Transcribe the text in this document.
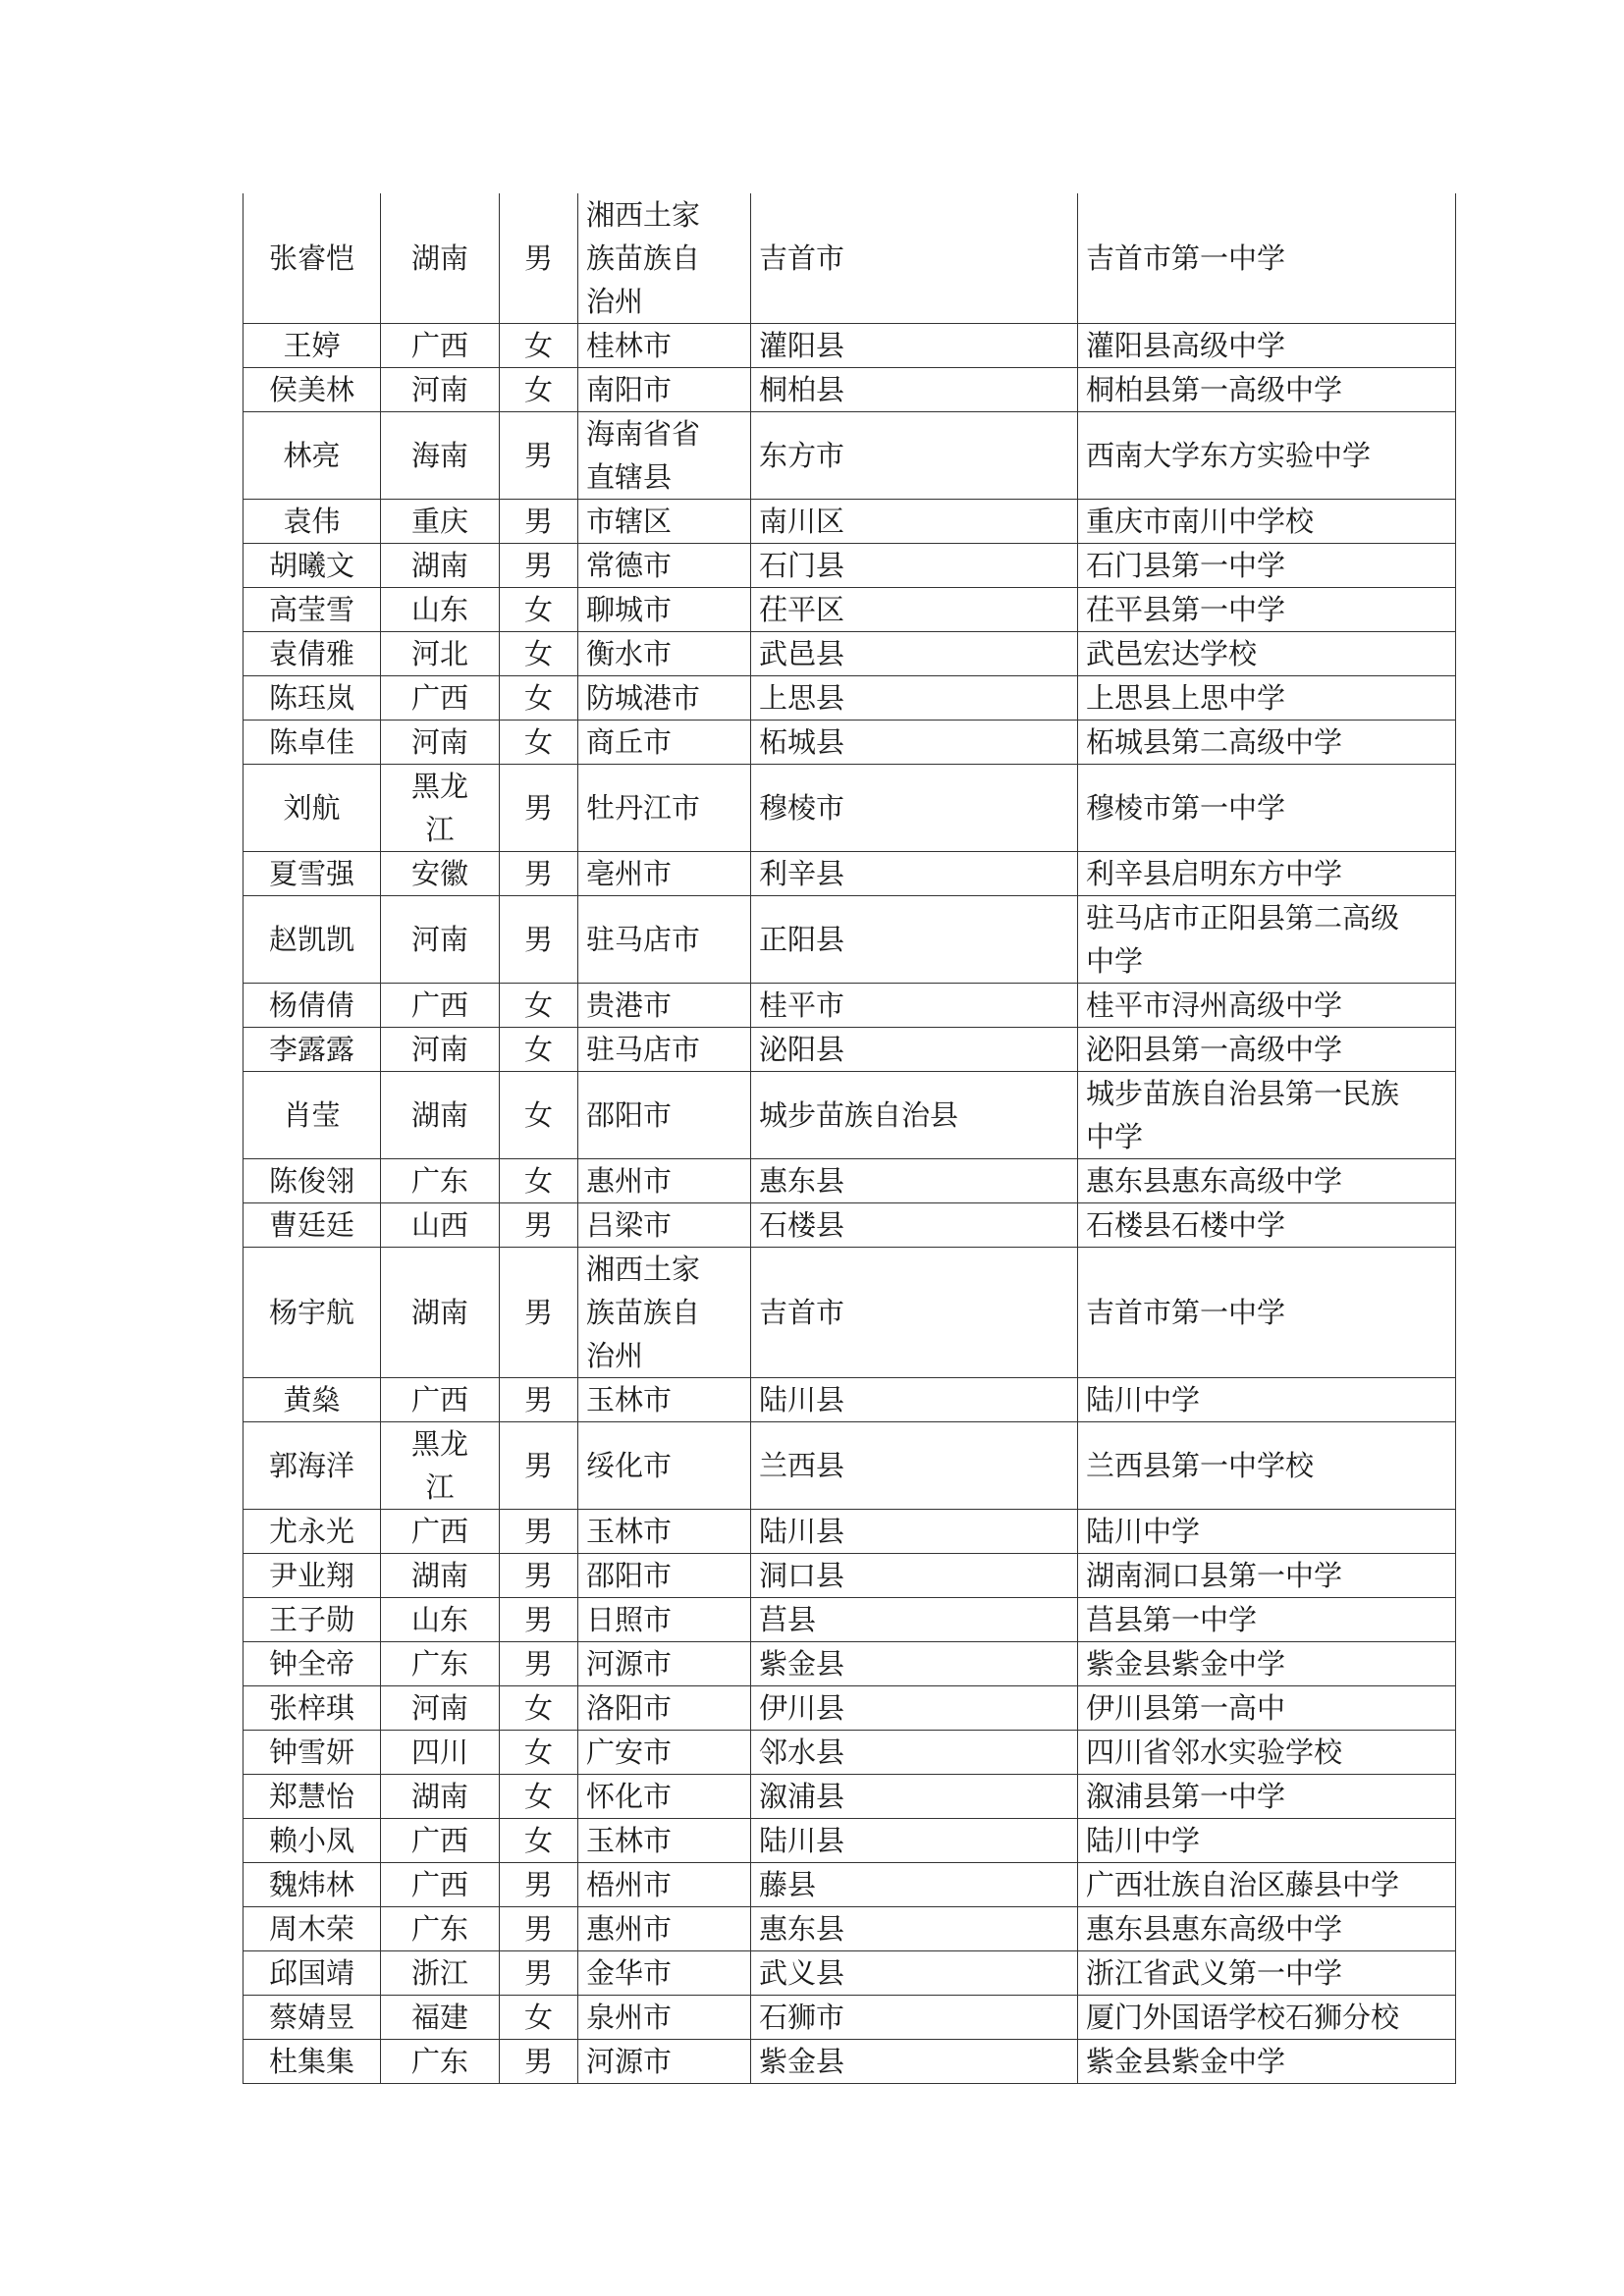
张睿恺	湖南	男	湘西土家
族苗族自
治州	吉首市	吉首市第一中学

王婷	广西	女	桂林市	灌阳县	灌阳县高级中学

侯美林	河南	女	南阳市	桐柏县	桐柏县第一高级中学

林亮	海南	男	海南省省
直辖县	东方市	西南大学东方实验中学

袁伟	重庆	男	市辖区	南川区	重庆市南川中学校

胡曦文	湖南	男	常德市	石门县	石门县第一中学

高莹雪	山东	女	聊城市	茌平区	茌平县第一中学

袁倩雅	河北	女	衡水市	武邑县	武邑宏达学校

陈珏岚	广西	女	防城港市	上思县	上思县上思中学

陈卓佳	河南	女	商丘市	柘城县	柘城县第二高级中学

刘航	黑龙
江	男	牡丹江市	穆棱市	穆棱市第一中学

夏雪强	安徽	男	亳州市	利辛县	利辛县启明东方中学

赵凯凯	河南	男	驻马店市	正阳县	驻马店市正阳县第二高级
中学

杨倩倩	广西	女	贵港市	桂平市	桂平市浔州高级中学

李露露	河南	女	驻马店市	泌阳县	泌阳县第一高级中学

肖莹	湖南	女	邵阳市	城步苗族自治县	城步苗族自治县第一民族
中学

陈俊翎	广东	女	惠州市	惠东县	惠东县惠东高级中学

曹廷廷	山西	男	吕梁市	石楼县	石楼县石楼中学

杨宇航	湖南	男	湘西土家
族苗族自
治州	吉首市	吉首市第一中学

黄燊	广西	男	玉林市	陆川县	陆川中学

郭海洋	黑龙
江	男	绥化市	兰西县	兰西县第一中学校

尤永光	广西	男	玉林市	陆川县	陆川中学

尹业翔	湖南	男	邵阳市	洞口县	湖南洞口县第一中学

王子勋	山东	男	日照市	莒县	莒县第一中学

钟全帝	广东	男	河源市	紫金县	紫金县紫金中学

张梓琪	河南	女	洛阳市	伊川县	伊川县第一高中

钟雪妍	四川	女	广安市	邻水县	四川省邻水实验学校

郑慧怡	湖南	女	怀化市	溆浦县	溆浦县第一中学

赖小凤	广西	女	玉林市	陆川县	陆川中学

魏炜林	广西	男	梧州市	藤县	广西壮族自治区藤县中学

周木荣	广东	男	惠州市	惠东县	惠东县惠东高级中学

邱国靖	浙江	男	金华市	武义县	浙江省武义第一中学

蔡婧昱	福建	女	泉州市	石狮市	厦门外国语学校石狮分校

杜集集	广东	男	河源市	紫金县	紫金县紫金中学
